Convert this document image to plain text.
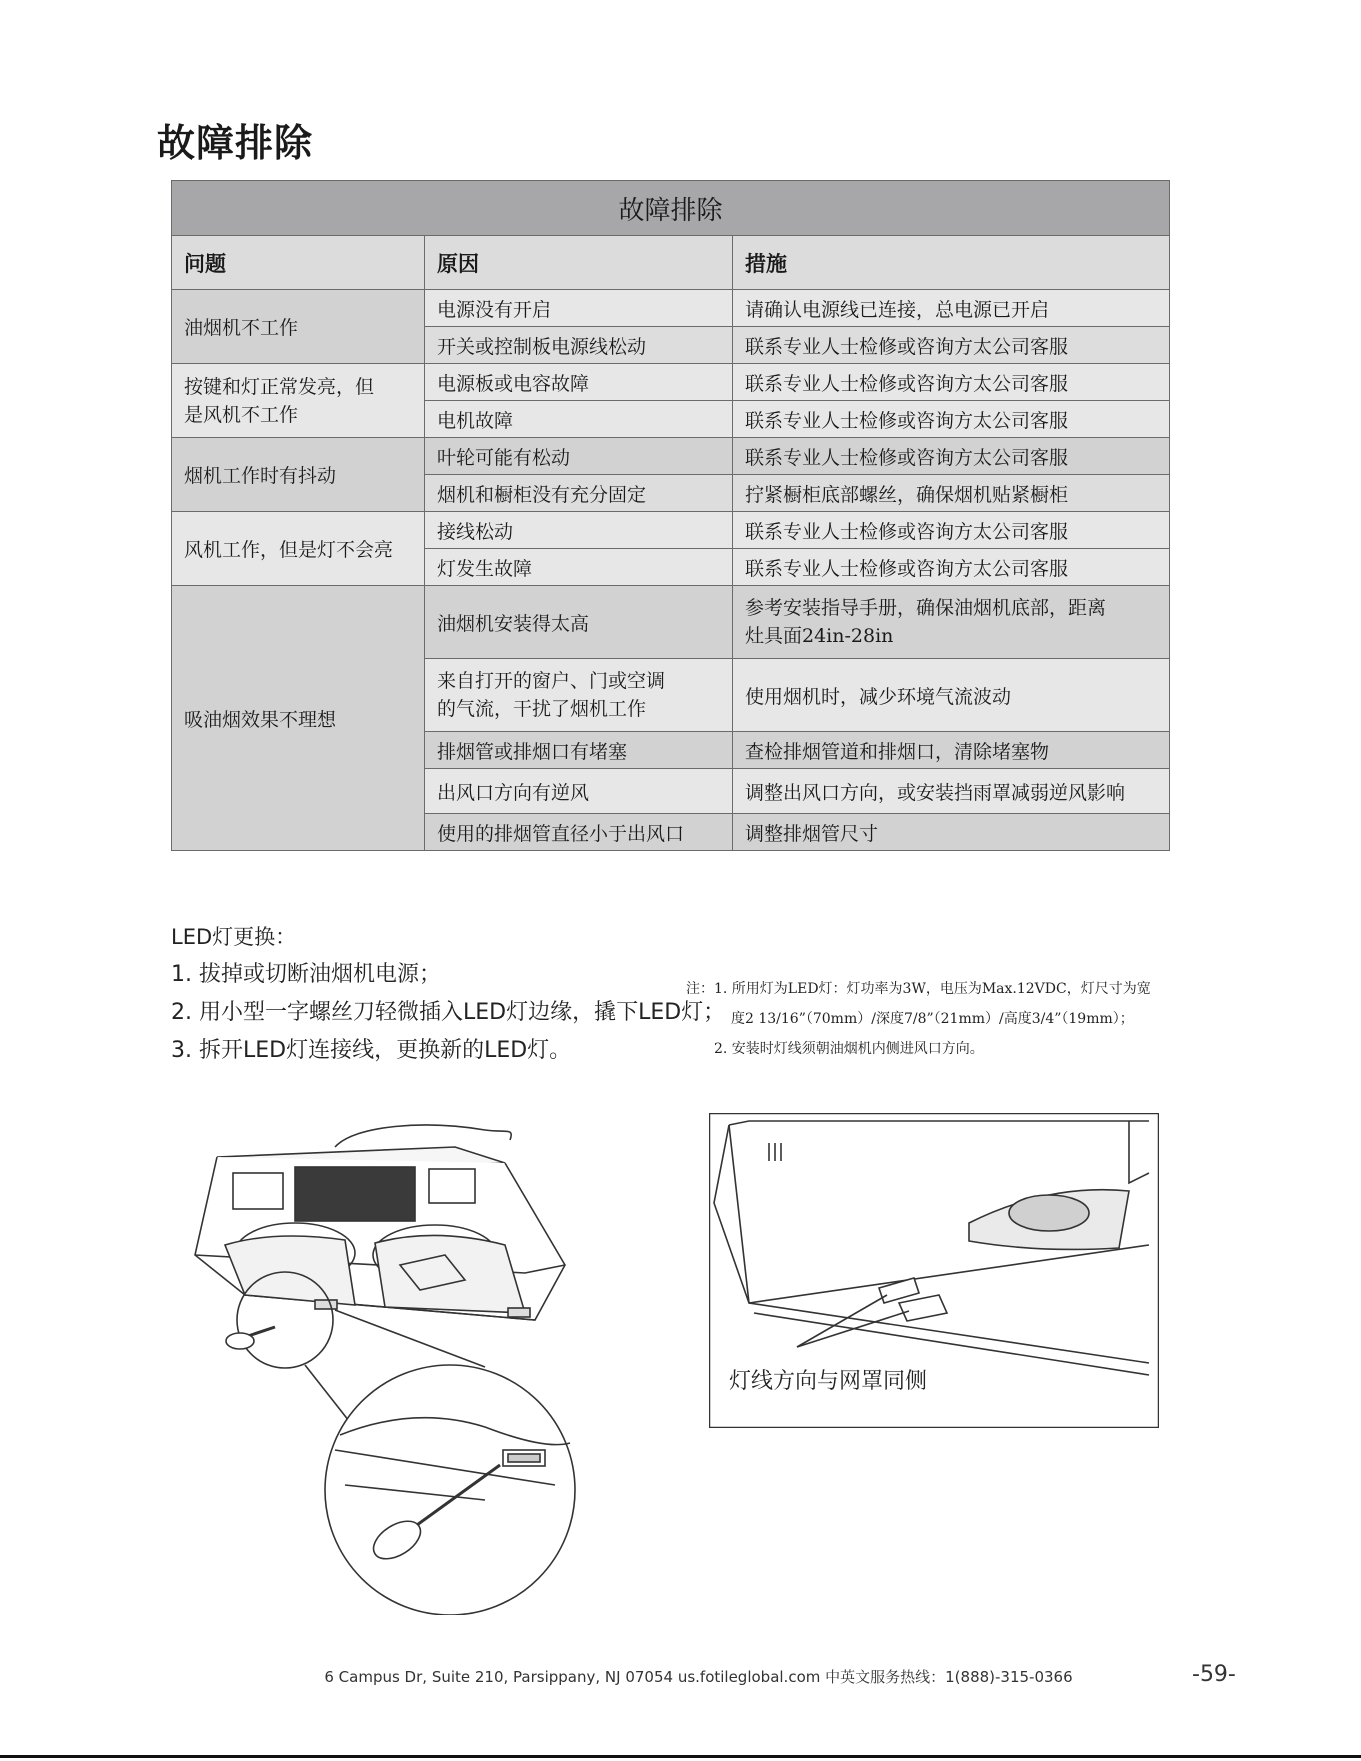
故障排除
故障排除		
问题	原因	措施
油烟机不工作	电源没有开启	请确认电源线已连接，总电源已开启
	开关或控制板电源线松动	联系专业人士检修或咨询方太公司客服

按键和灯正常发亮，但
是风机不工作	电源板或电容故障	联系专业人士检修或咨询方太公司客服
	电机故障	联系专业人士检修或咨询方太公司客服
烟机工作时有抖动	叶轮可能有松动	联系专业人士检修或咨询方太公司客服
	烟机和橱柜没有充分固定	拧紧橱柜底部螺丝，确保烟机贴紧橱柜
风机工作，但是灯不会亮	接线松动	联系专业人士检修或咨询方太公司客服
	灯发生故障	联系专业人士检修或咨询方太公司客服
吸油烟效果不理想	油烟机安装得太高	参考安装指导手册，确保油烟机底部，距离
灶具面24in-28in

	来自打开的窗户、门或空调
的气流，干扰了烟机工作	使用烟机时，减少环境气流波动
	排烟管或排烟口有堵塞	查检排烟管道和排烟口，清除堵塞物
	出风口方向有逆风	调整出风口方向，或安装挡雨罩减弱逆风影响
	使用的排烟管直径小于出风口	调整排烟管尺寸
LED灯更换：
1. 拔掉或切断油烟机电源；
2. 用小型一字螺丝刀轻微插入LED灯边缘，撬下LED灯；
3. 拆开LED灯连接线，更换新的LED灯。
注：1. 所用灯为LED灯：灯功率为3W，电压为Max.12VDC，灯尺寸为宽
度2 13/16”（70mm）/深度7/8”（21mm）/高度3/4”（19mm）；
2. 安装时灯线须朝油烟机内侧进风口方向。
灯线方向与网罩同侧
6 Campus Dr, Suite 210, Parsippany, NJ 07054 us.fotileglobal.com 中英文服务热线：1(888)-315-0366	-59-
